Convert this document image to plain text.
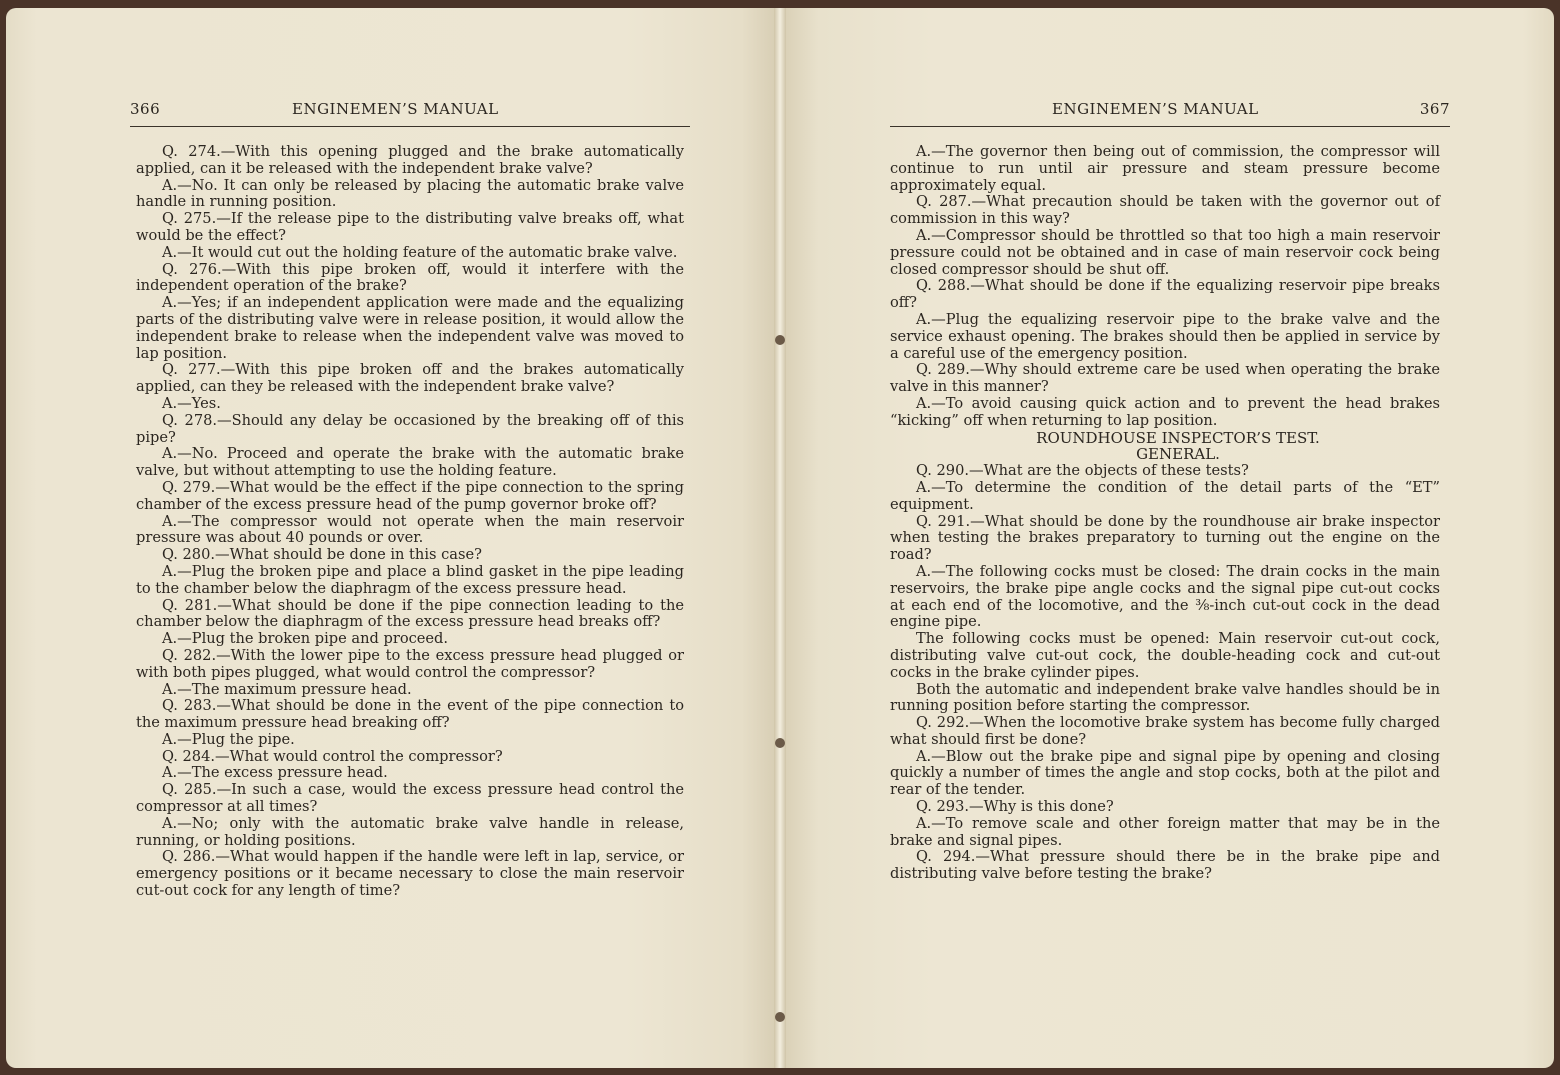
366	ENGINEMEN’S MANUAL

Q. 274.—With this opening plugged and the brake automatically applied, can it be released with the independent brake valve?

A.—No. It can only be released by placing the automatic brake valve handle in running position.

Q. 275.—If the release pipe to the distributing valve breaks off, what would be the effect?

A.—It would cut out the holding feature of the automatic brake valve.

Q. 276.—With this pipe broken off, would it interfere with the independent operation of the brake?

A.—Yes; if an independent application were made and the equalizing parts of the distributing valve were in release position, it would allow the independent brake to release when the independent valve was moved to lap position.

Q. 277.—With this pipe broken off and the brakes automatically applied, can they be released with the independent brake valve?

A.—Yes.

Q. 278.—Should any delay be occasioned by the breaking off of this pipe?

A.—No. Proceed and operate the brake with the automatic brake valve, but without attempting to use the holding feature.

Q. 279.—What would be the effect if the pipe connection to the spring chamber of the excess pressure head of the pump governor broke off?

A.—The compressor would not operate when the main reservoir pressure was about 40 pounds or over.

Q. 280.—What should be done in this case?

A.—Plug the broken pipe and place a blind gasket in the pipe leading to the chamber below the diaphragm of the excess pressure head.

Q. 281.—What should be done if the pipe connection leading to the chamber below the diaphragm of the excess pressure head breaks off?

A.—Plug the broken pipe and proceed.

Q. 282.—With the lower pipe to the excess pressure head plugged or with both pipes plugged, what would control the compressor?

A.—The maximum pressure head.

Q. 283.—What should be done in the event of the pipe connection to the maximum pressure head breaking off?

A.—Plug the pipe.

Q. 284.—What would control the compressor?

A.—The excess pressure head.

Q. 285.—In such a case, would the excess pressure head control the compressor at all times?

A.—No; only with the automatic brake valve handle in release, running, or holding positions.

Q. 286.—What would happen if the handle were left in lap, service, or emergency positions or it became necessary to close the main reservoir cut-out cock for any length of time?

ENGINEMEN’S MANUAL	367

A.—The governor then being out of commission, the compressor will continue to run until air pressure and steam pressure become approximately equal.

Q. 287.—What precaution should be taken with the governor out of commission in this way?

A.—Compressor should be throttled so that too high a main reservoir pressure could not be obtained and in case of main reservoir cock being closed compressor should be shut off.

Q. 288.—What should be done if the equalizing reservoir pipe breaks off?

A.—Plug the equalizing reservoir pipe to the brake valve and the service exhaust opening. The brakes should then be applied in service by a careful use of the emergency position.

Q. 289.—Why should extreme care be used when operating the brake valve in this manner?

A.—To avoid causing quick action and to prevent the head brakes “kicking” off when returning to lap position.

ROUNDHOUSE INSPECTOR’S TEST.

GENERAL.

Q. 290.—What are the objects of these tests?

A.—To determine the condition of the detail parts of the “ET” equipment.

Q. 291.—What should be done by the roundhouse air brake inspector when testing the brakes preparatory to turning out the engine on the road?

A.—The following cocks must be closed: The drain cocks in the main reservoirs, the brake pipe angle cocks and the signal pipe cut-out cocks at each end of the locomotive, and the ⅜-inch cut-out cock in the dead engine pipe.

The following cocks must be opened: Main reservoir cut-out cock, distributing valve cut-out cock, the double-heading cock and cut-out cocks in the brake cylinder pipes.

Both the automatic and independent brake valve handles should be in running position before starting the compressor.

Q. 292.—When the locomotive brake system has become fully charged what should first be done?

A.—Blow out the brake pipe and signal pipe by opening and closing quickly a number of times the angle and stop cocks, both at the pilot and rear of the tender.

Q. 293.—Why is this done?

A.—To remove scale and other foreign matter that may be in the brake and signal pipes.

Q. 294.—What pressure should there be in the brake pipe and distributing valve before testing the brake?
